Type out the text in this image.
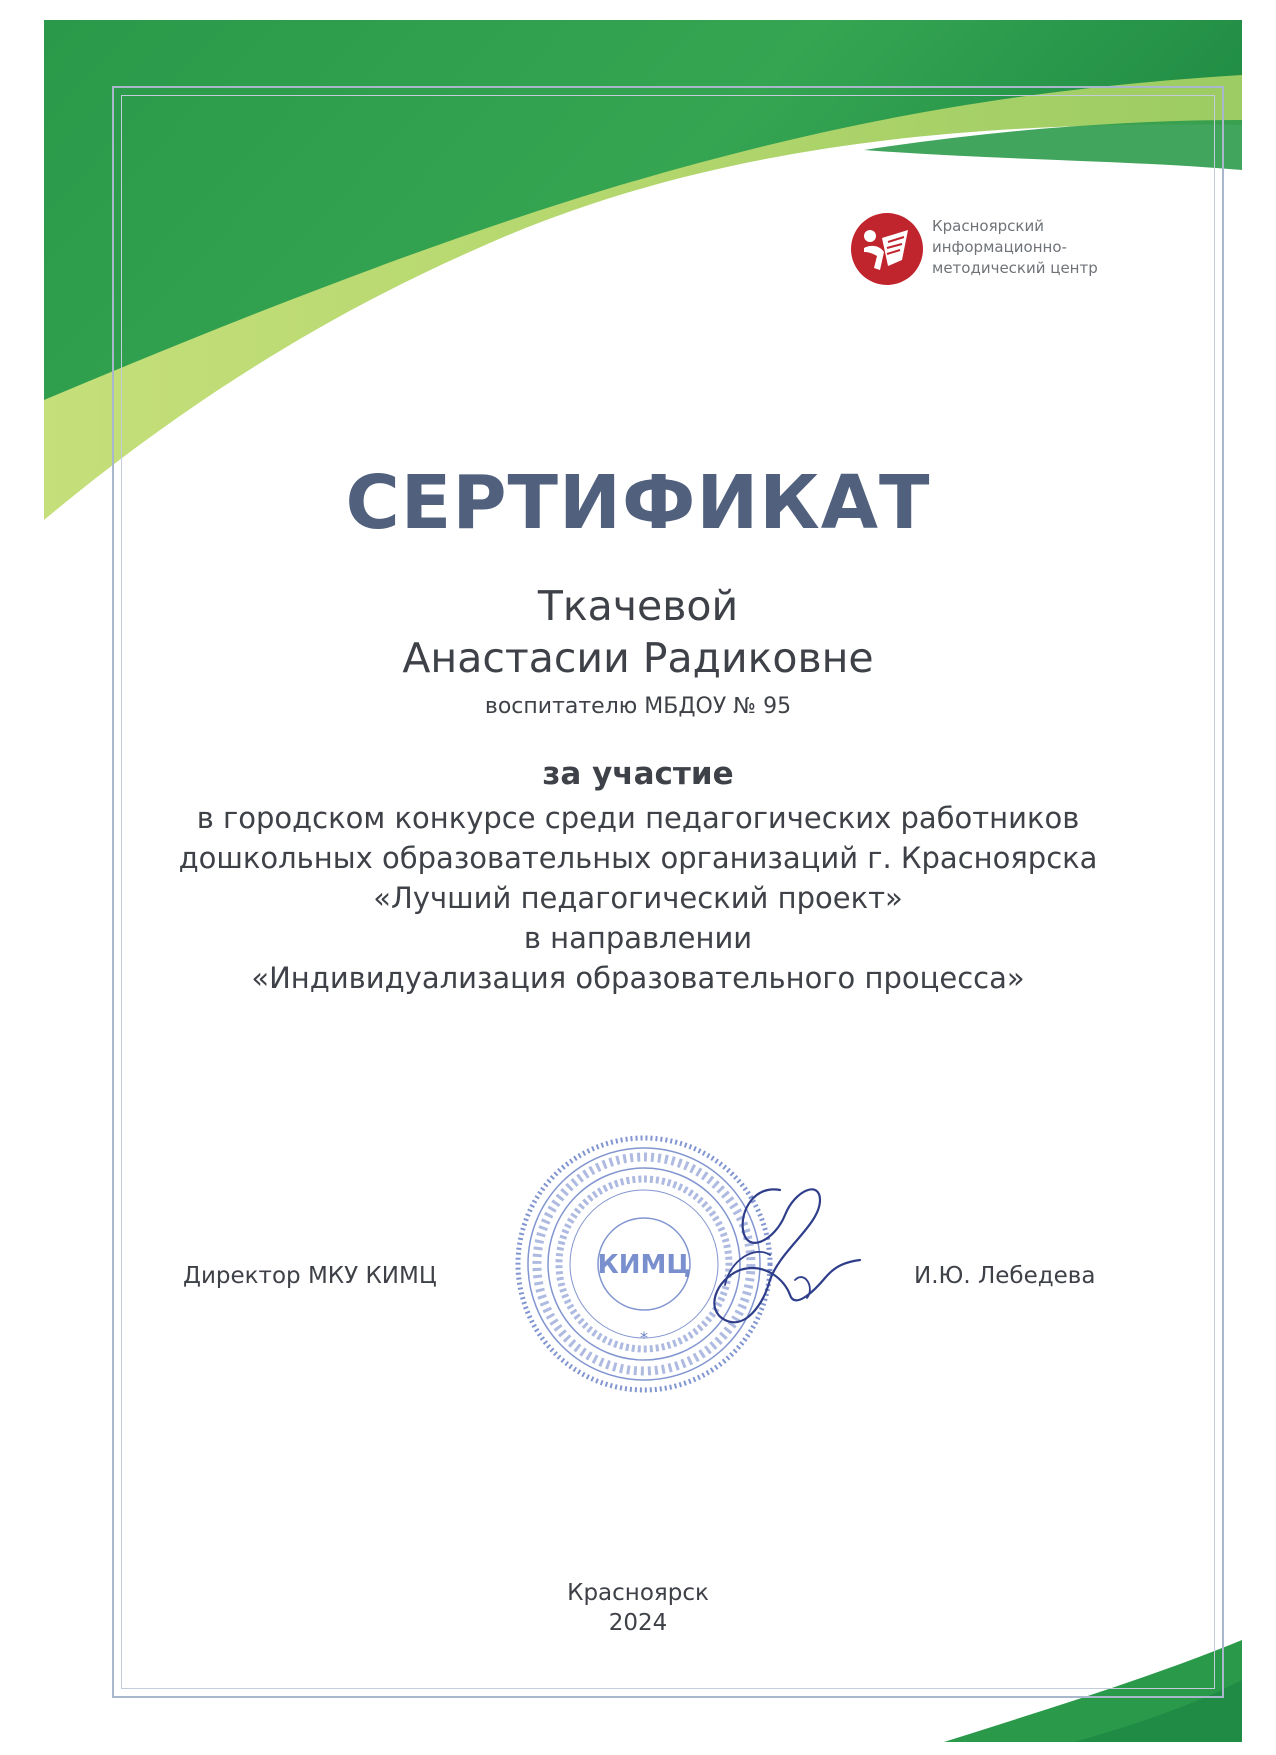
Красноярский
информационно-
методический центр
СЕРТИФИКАТ
Ткачевой
Анастасии Радиковне
воспитателю МБДОУ № 95
за участие
в городском конкурсе среди педагогических работников
дошкольных образовательных организаций г. Красноярска
«Лучший педагогический проект»
в направлении
«Индивидуализация образовательного процесса»
Директор МКУ КИМЦ	И.Ю. Лебедева
КИМЦ
*
Красноярск
2024
